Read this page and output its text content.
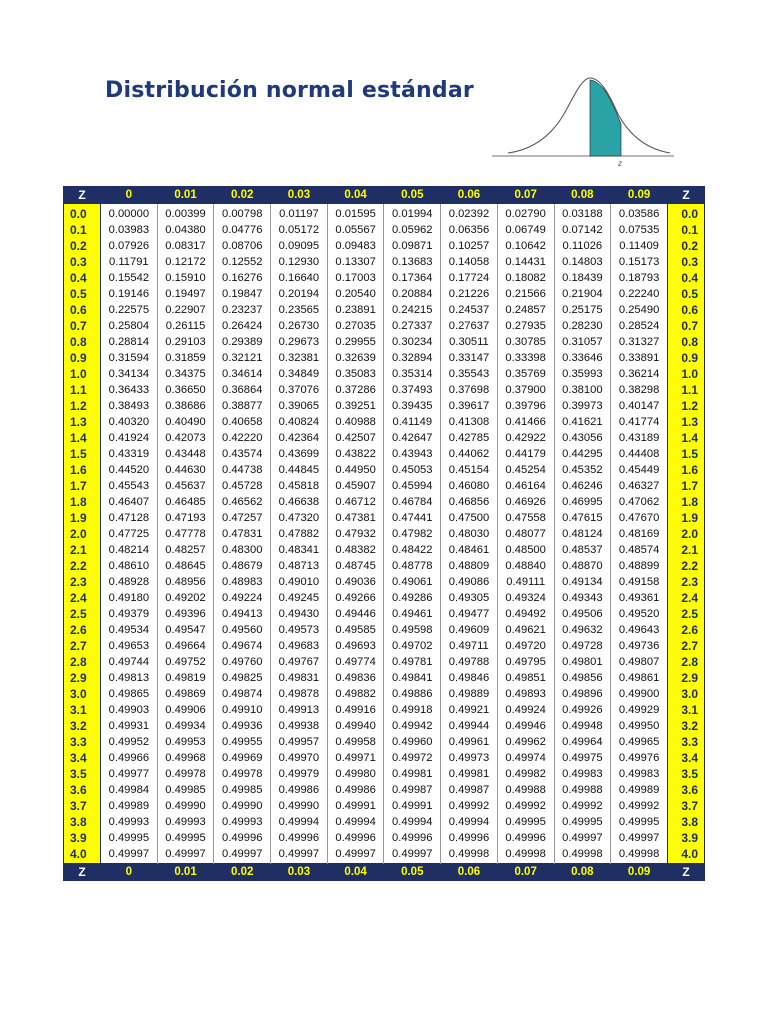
Distribución normal estándar
z
Z	0	0.01	0.02	0.03	0.04	0.05	0.06	0.07	0.08	0.09	Z
0.0	0.00000	0.00399	0.00798	0.01197	0.01595	0.01994	0.02392	0.02790	0.03188	0.03586	0.0
0.1	0.03983	0.04380	0.04776	0.05172	0.05567	0.05962	0.06356	0.06749	0.07142	0.07535	0.1
0.2	0.07926	0.08317	0.08706	0.09095	0.09483	0.09871	0.10257	0.10642	0.11026	0.11409	0.2
0.3	0.11791	0.12172	0.12552	0.12930	0.13307	0.13683	0.14058	0.14431	0.14803	0.15173	0.3
0.4	0.15542	0.15910	0.16276	0.16640	0.17003	0.17364	0.17724	0.18082	0.18439	0.18793	0.4
0.5	0.19146	0.19497	0.19847	0.20194	0.20540	0.20884	0.21226	0.21566	0.21904	0.22240	0.5
0.6	0.22575	0.22907	0.23237	0.23565	0.23891	0.24215	0.24537	0.24857	0.25175	0.25490	0.6
0.7	0.25804	0.26115	0.26424	0.26730	0.27035	0.27337	0.27637	0.27935	0.28230	0.28524	0.7
0.8	0.28814	0.29103	0.29389	0.29673	0.29955	0.30234	0.30511	0.30785	0.31057	0.31327	0.8
0.9	0.31594	0.31859	0.32121	0.32381	0.32639	0.32894	0.33147	0.33398	0.33646	0.33891	0.9
1.0	0.34134	0.34375	0.34614	0.34849	0.35083	0.35314	0.35543	0.35769	0.35993	0.36214	1.0
1.1	0.36433	0.36650	0.36864	0.37076	0.37286	0.37493	0.37698	0.37900	0.38100	0.38298	1.1
1.2	0.38493	0.38686	0.38877	0.39065	0.39251	0.39435	0.39617	0.39796	0.39973	0.40147	1.2
1.3	0.40320	0.40490	0.40658	0.40824	0.40988	0.41149	0.41308	0.41466	0.41621	0.41774	1.3
1.4	0.41924	0.42073	0.42220	0.42364	0.42507	0.42647	0.42785	0.42922	0.43056	0.43189	1.4
1.5	0.43319	0.43448	0.43574	0.43699	0.43822	0.43943	0.44062	0.44179	0.44295	0.44408	1.5
1.6	0.44520	0.44630	0.44738	0.44845	0.44950	0.45053	0.45154	0.45254	0.45352	0.45449	1.6
1.7	0.45543	0.45637	0.45728	0.45818	0.45907	0.45994	0.46080	0.46164	0.46246	0.46327	1.7
1.8	0.46407	0.46485	0.46562	0.46638	0.46712	0.46784	0.46856	0.46926	0.46995	0.47062	1.8
1.9	0.47128	0.47193	0.47257	0.47320	0.47381	0.47441	0.47500	0.47558	0.47615	0.47670	1.9
2.0	0.47725	0.47778	0.47831	0.47882	0.47932	0.47982	0.48030	0.48077	0.48124	0.48169	2.0
2.1	0.48214	0.48257	0.48300	0.48341	0.48382	0.48422	0.48461	0.48500	0.48537	0.48574	2.1
2.2	0.48610	0.48645	0.48679	0.48713	0.48745	0.48778	0.48809	0.48840	0.48870	0.48899	2.2
2.3	0.48928	0.48956	0.48983	0.49010	0.49036	0.49061	0.49086	0.49111	0.49134	0.49158	2.3
2.4	0.49180	0.49202	0.49224	0.49245	0.49266	0.49286	0.49305	0.49324	0.49343	0.49361	2.4
2.5	0.49379	0.49396	0.49413	0.49430	0.49446	0.49461	0.49477	0.49492	0.49506	0.49520	2.5
2.6	0.49534	0.49547	0.49560	0.49573	0.49585	0.49598	0.49609	0.49621	0.49632	0.49643	2.6
2.7	0.49653	0.49664	0.49674	0.49683	0.49693	0.49702	0.49711	0.49720	0.49728	0.49736	2.7
2.8	0.49744	0.49752	0.49760	0.49767	0.49774	0.49781	0.49788	0.49795	0.49801	0.49807	2.8
2.9	0.49813	0.49819	0.49825	0.49831	0.49836	0.49841	0.49846	0.49851	0.49856	0.49861	2.9
3.0	0.49865	0.49869	0.49874	0.49878	0.49882	0.49886	0.49889	0.49893	0.49896	0.49900	3.0
3.1	0.49903	0.49906	0.49910	0.49913	0.49916	0.49918	0.49921	0.49924	0.49926	0.49929	3.1
3.2	0.49931	0.49934	0.49936	0.49938	0.49940	0.49942	0.49944	0.49946	0.49948	0.49950	3.2
3.3	0.49952	0.49953	0.49955	0.49957	0.49958	0.49960	0.49961	0.49962	0.49964	0.49965	3.3
3.4	0.49966	0.49968	0.49969	0.49970	0.49971	0.49972	0.49973	0.49974	0.49975	0.49976	3.4
3.5	0.49977	0.49978	0.49978	0.49979	0.49980	0.49981	0.49981	0.49982	0.49983	0.49983	3.5
3.6	0.49984	0.49985	0.49985	0.49986	0.49986	0.49987	0.49987	0.49988	0.49988	0.49989	3.6
3.7	0.49989	0.49990	0.49990	0.49990	0.49991	0.49991	0.49992	0.49992	0.49992	0.49992	3.7
3.8	0.49993	0.49993	0.49993	0.49994	0.49994	0.49994	0.49994	0.49995	0.49995	0.49995	3.8
3.9	0.49995	0.49995	0.49996	0.49996	0.49996	0.49996	0.49996	0.49996	0.49997	0.49997	3.9
4.0	0.49997	0.49997	0.49997	0.49997	0.49997	0.49997	0.49998	0.49998	0.49998	0.49998	4.0
Z	0	0.01	0.02	0.03	0.04	0.05	0.06	0.07	0.08	0.09	Z
